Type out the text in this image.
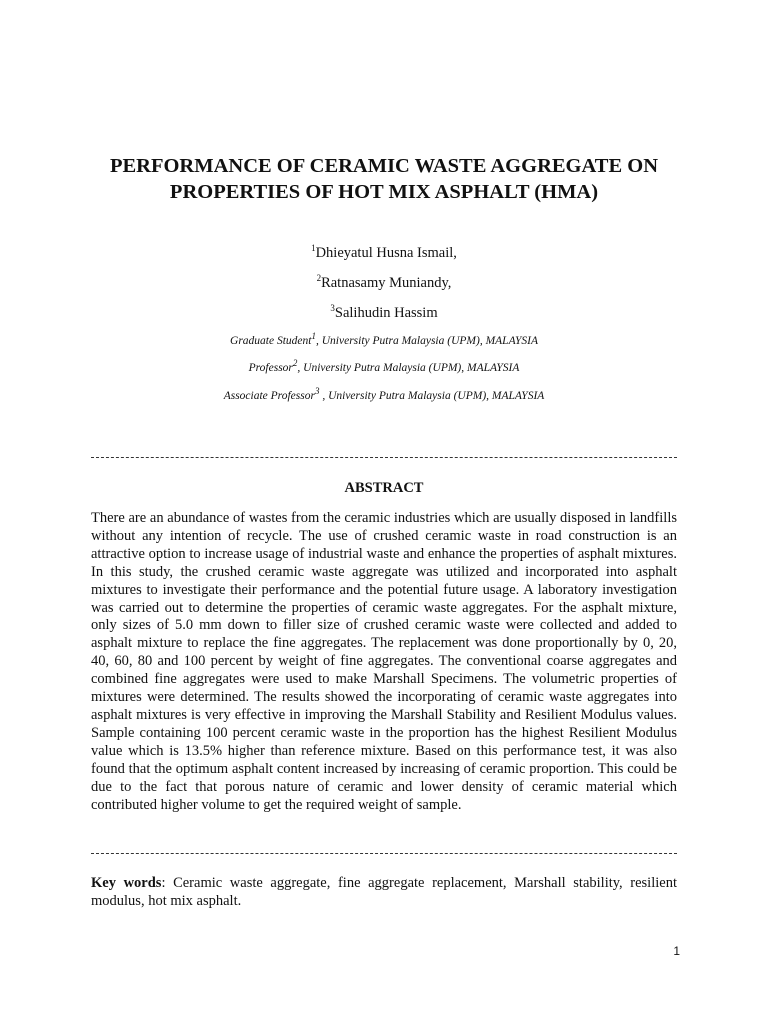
PERFORMANCE OF CERAMIC WASTE AGGREGATE ON
PROPERTIES OF HOT MIX ASPHALT (HMA)
$^1$Dhieyatul Husna Ismail,
$^2$Ratnasamy Muniandy,
$^3$Salihudin Hassim
Graduate Student$^1$, University Putra Malaysia (UPM), MALAYSIA
Professor$^2$, University Putra Malaysia (UPM), MALAYSIA
Associate Professor$^3$ , University Putra Malaysia (UPM), MALAYSIA
ABSTRACT

There are an abundance of wastes from the ceramic industries which are usually disposed in landfills without any intention of recycle. The use of crushed ceramic waste in road construction is an attractive option to increase usage of industrial waste and enhance the properties of asphalt mixtures. In this study, the crushed ceramic waste aggregate was utilized and incorporated into asphalt mixtures to investigate their performance and the potential future usage. A laboratory investigation was carried out to determine the properties of ceramic waste aggregates. For the asphalt mixture, only sizes of 5.0 mm down to filler size of crushed ceramic waste were collected and added to asphalt mixture to replace the fine aggregates. The replacement was done proportionally by 0, 20, 40, 60, 80 and 100 percent by weight of fine aggregates. The conventional coarse aggregates and combined fine aggregates were used to make Marshall Specimens. The volumetric properties of mixtures were determined. The results showed the incorporating of ceramic waste aggregates into asphalt mixtures is very effective in improving the Marshall Stability and Resilient Modulus values. Sample containing 100 percent ceramic waste in the proportion has the highest Resilient Modulus value which is 13.5% higher than reference mixture. Based on this performance test, it was also found that the optimum asphalt content increased by increasing of ceramic proportion. This could be due to the fact that porous nature of ceramic and lower density of ceramic material which contributed higher volume to get the required weight of sample.

Key words: Ceramic waste aggregate, fine aggregate replacement, Marshall stability, resilient modulus, hot mix asphalt.

1
